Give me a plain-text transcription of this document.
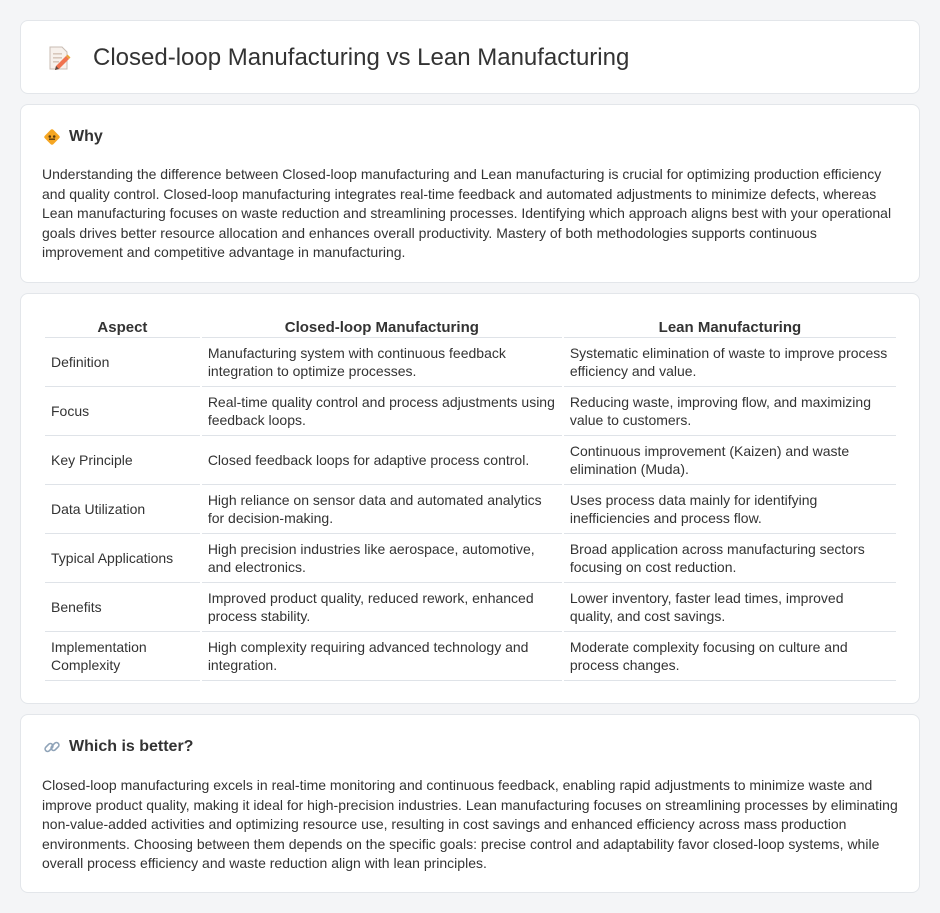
Closed-loop Manufacturing vs Lean Manufacturing
Why

Understanding the difference between Closed-loop manufacturing and Lean manufacturing is crucial for optimizing production efficiency and quality control. Closed-loop manufacturing integrates real-time feedback and automated adjustments to minimize defects, whereas Lean manufacturing focuses on waste reduction and streamlining processes. Identifying which approach aligns best with your operational goals drives better resource allocation and enhances overall productivity. Mastery of both methodologies supports continuous improvement and competitive advantage in manufacturing.

Aspect	Closed-loop Manufacturing	Lean Manufacturing
Definition	Manufacturing system with continuous feedback integration to optimize processes.	Systematic elimination of waste to improve process efficiency and value.
Focus	Real-time quality control and process adjustments using feedback loops.	Reducing waste, improving flow, and maximizing value to customers.
Key Principle	Closed feedback loops for adaptive process control.	Continuous improvement (Kaizen) and waste elimination (Muda).
Data Utilization	High reliance on sensor data and automated analytics for decision-making.	Uses process data mainly for identifying inefficiencies and process flow.
Typical Applications	High precision industries like aerospace, automotive, and electronics.	Broad application across manufacturing sectors focusing on cost reduction.
Benefits	Improved product quality, reduced rework, enhanced process stability.	Lower inventory, faster lead times, improved quality, and cost savings.
Implementation Complexity	High complexity requiring advanced technology and integration.	Moderate complexity focusing on culture and process changes.
Which is better?

Closed-loop manufacturing excels in real-time monitoring and continuous feedback, enabling rapid adjustments to minimize waste and improve product quality, making it ideal for high-precision industries. Lean manufacturing focuses on streamlining processes by eliminating non-value-added activities and optimizing resource use, resulting in cost savings and enhanced efficiency across mass production environments. Choosing between them depends on the specific goals: precise control and adaptability favor closed-loop systems, while overall process efficiency and waste reduction align with lean principles.
